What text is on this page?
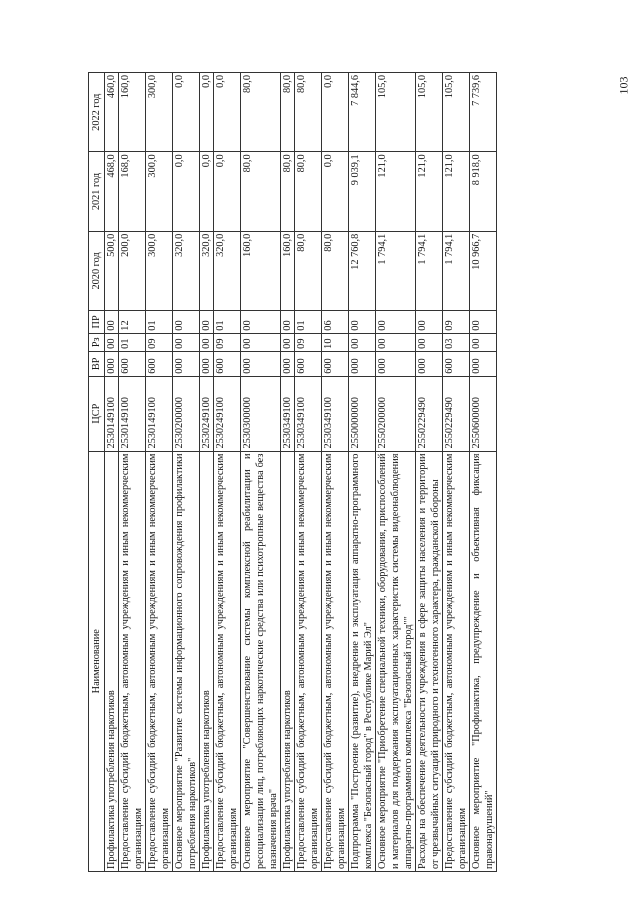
103
Наименование	ЦСР	ВР	Рз	ПР	2020 год	2021 год	2022 год
Профилактика употребления наркотиков	2530149100	000	00	00	500,0	468,0	460,0
Предоставление субсидий бюджетным, автономным учреждениям и иным некоммерческим организациям	2530149100	600	01	12	200,0	168,0	160,0
Предоставление субсидий бюджетным, автономным учреждениям и иным некоммерческим организациям	2530149100	600	09	01	300,0	300,0	300,0
Основное мероприятие "Развитие системы информационного сопровождения профилактики потребления наркотиков"	2530200000	000	00	00	320,0	0,0	0,0
Профилактика употребления наркотиков	2530249100	000	00	00	320,0	0,0	0,0
Предоставление субсидий бюджетным, автономным учреждениям и иным некоммерческим организациям	2530249100	600	09	01	320,0	0,0	0,0
Основное мероприятие "Совершенствование системы комплексной реабилитации и ресоциализации лиц, потребляющих наркотические средства или психотропные вещества без назначения врача"	2530300000	000	00	00	160,0	80,0	80,0
Профилактика употребления наркотиков	2530349100	000	00	00	160,0	80,0	80,0
Предоставление субсидий бюджетным, автономным учреждениям и иным некоммерческим организациям	2530349100	600	09	01	80,0	80,0	80,0
Предоставление субсидий бюджетным, автономным учреждениям и иным некоммерческим организациям	2530349100	600	10	06	80,0	0,0	0,0
Подпрограмма "Построение (развитие), внедрение и эксплуатация аппаратно-программного комплекса "Безопасный город" в Республике Марий Эл"	2550000000	000	00	00	12 760,8	9 039,1	7 844,6
Основное мероприятие "Приобретение специальной техники, оборудования, приспособлений и материалов для поддержания эксплуатационных характеристик системы видеонаблюдения аппаратно-программного комплекса "Безопасный город""	2550200000	000	00	00	1 794,1	121,0	105,0
Расходы на обеспечение деятельности учреждения в сфере защиты населения и территории от чрезвычайных ситуаций природного и техногенного характера, гражданской обороны	2550229490	000	00	00	1 794,1	121,0	105,0
Предоставление субсидий бюджетным, автономным учреждениям и иным некоммерческим организациям	2550229490	600	03	09	1 794,1	121,0	105,0
Основное мероприятие "Профилактика, предупреждение и объективная фиксация правонарушений"	2550600000	000	00	00	10 966,7	8 918,0	7 739,6
